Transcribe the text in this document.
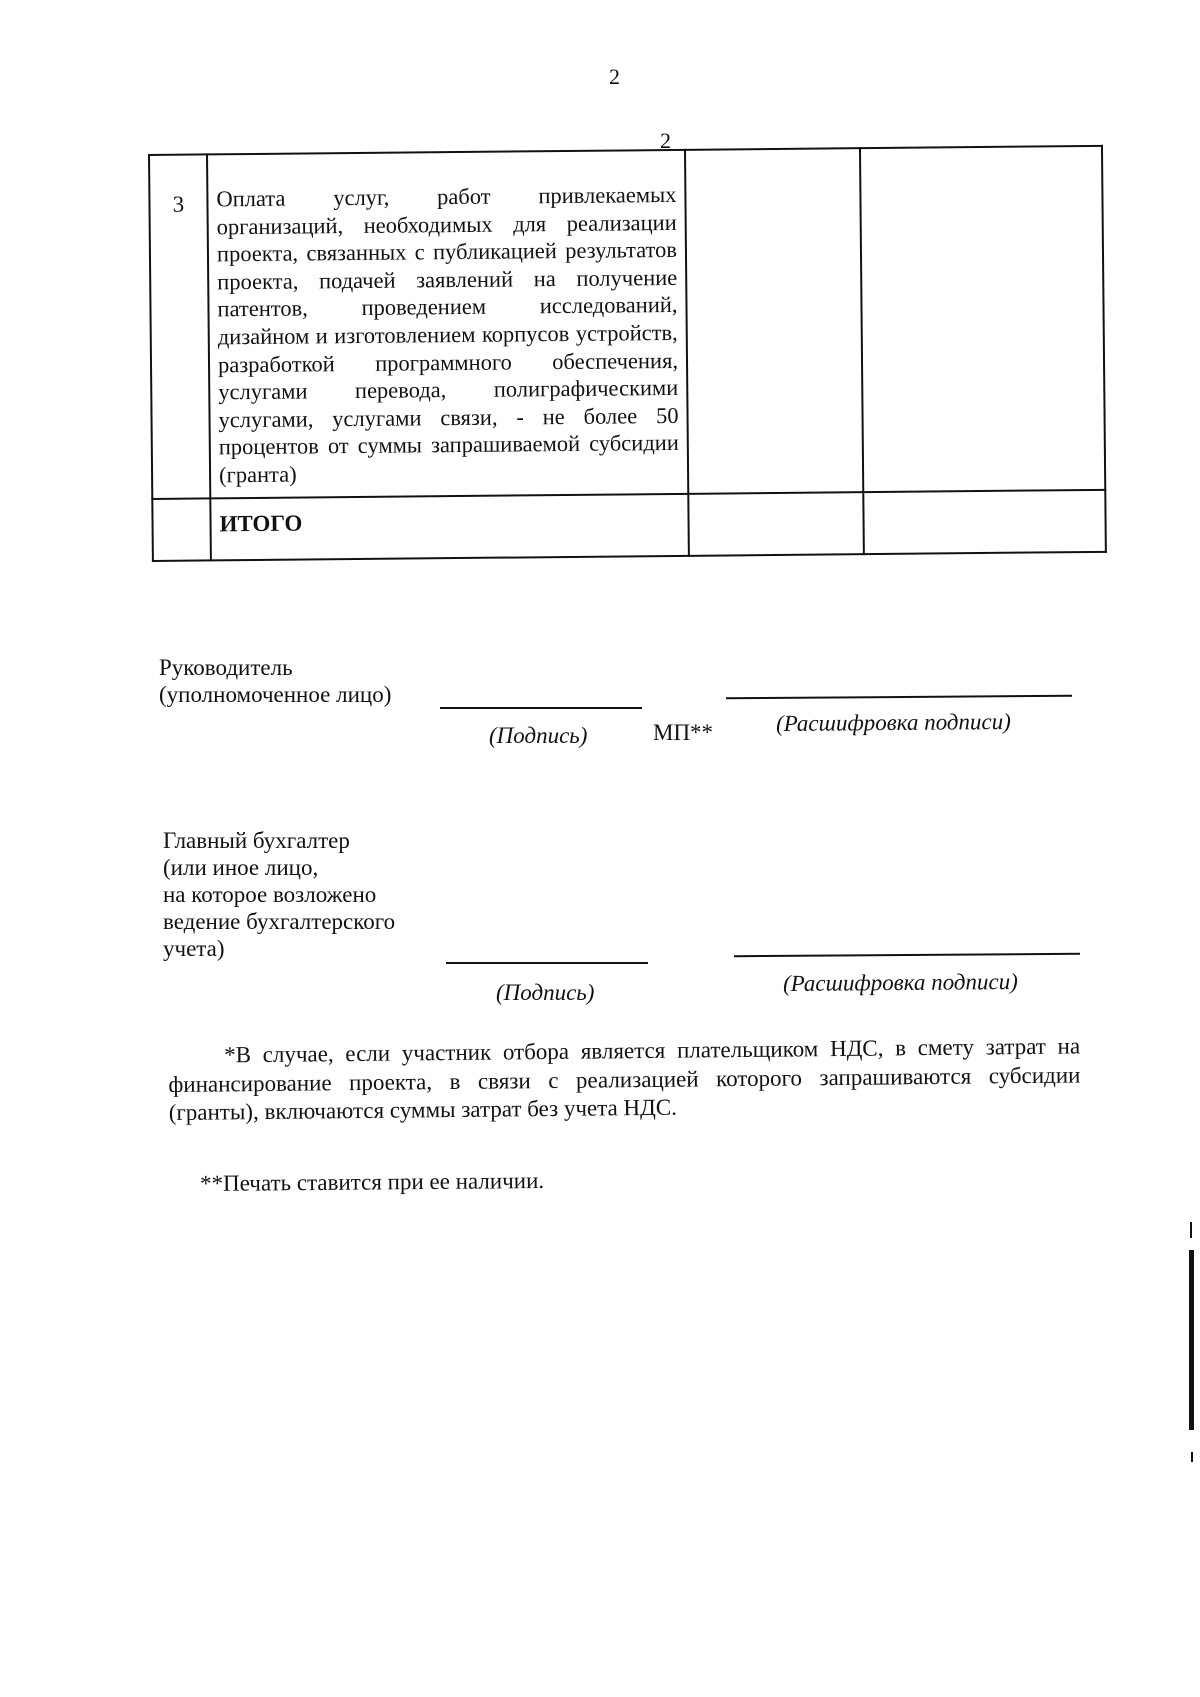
2
2
3	Оплата услуг, работ привлекаемых организаций, необходимых для реализации проекта, связанных с публикацией результатов проекта, подачей заявлений на получение патентов, проведением исследований, дизайном и изготовлением корпусов устройств, разработкой программного обеспечения, услугами перевода, полиграфическими услугами, услугами связи, - не более 50 процентов от суммы запрашиваемой субсидии (гранта)		
	ИТОГО		
Руководитель
(уполномоченное лицо)
(Подпись)	МП**	(Расшифровка подписи)
Главный бухгалтер
(или иное лицо,
на которое возложено
ведение бухгалтерского
учета)
(Подпись)	(Расшифровка подписи)
*В случае, если участник отбора является плательщиком НДС, в смету затрат на финансирование проекта, в связи с реализацией которого запрашиваются субсидии (гранты), включаются суммы затрат без учета НДС.
**Печать ставится при ее наличии.
